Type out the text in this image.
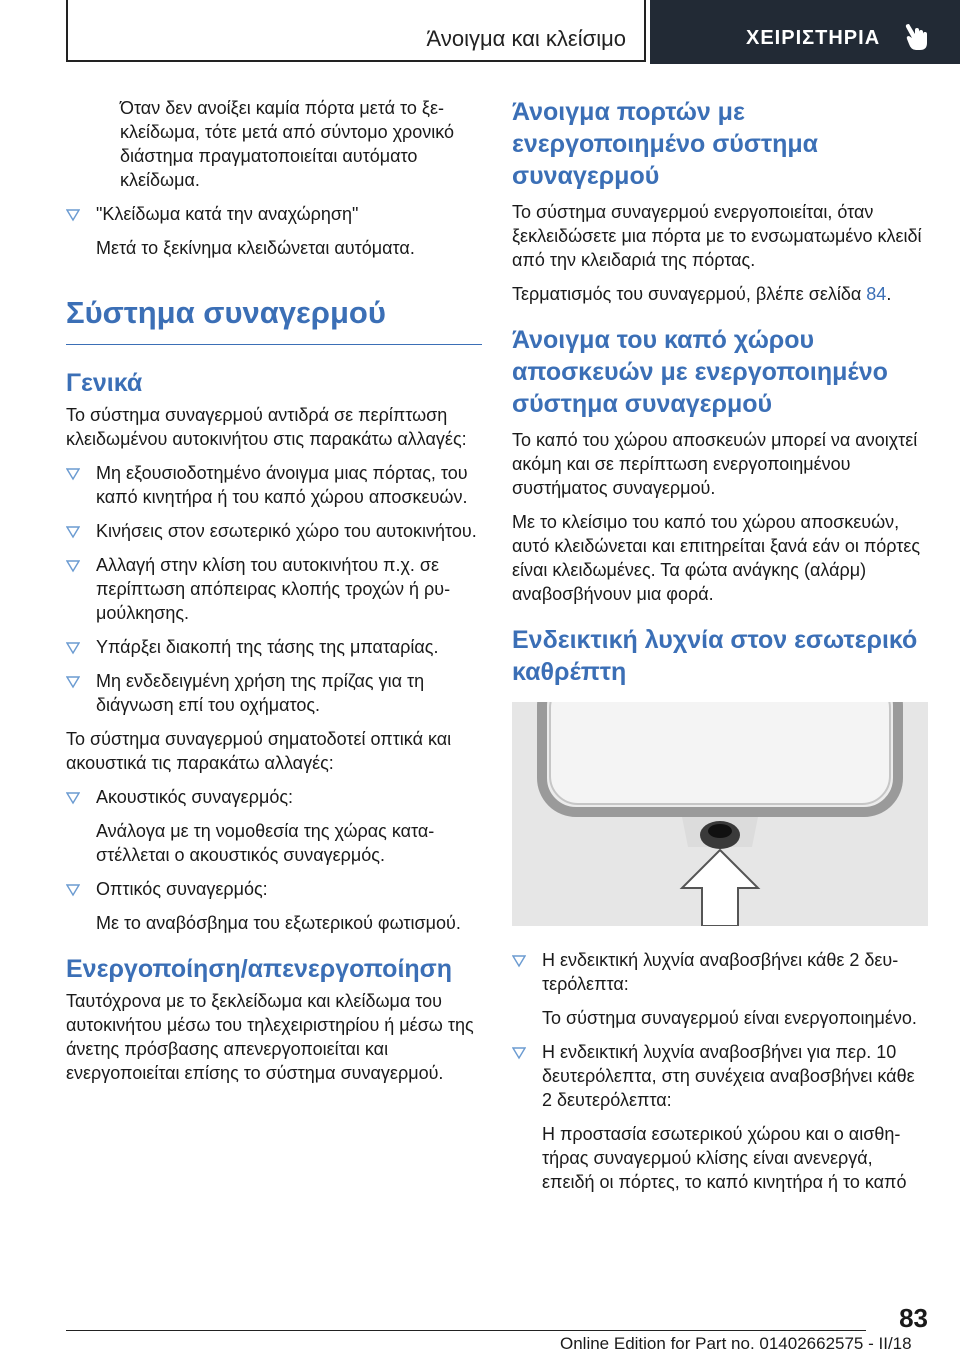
Άνοιγμα και κλείσιμο	ΧΕΙΡΙΣΤΗΡΙΑ

Όταν δεν ανοίξει καμία πόρτα μετά το ξεκλείδωμα, τότε μετά από σύντομο χρονικό διάστημα πραγματοποιείται αυτόματο κλείδωμα.

"Κλείδωμα κατά την αναχώρηση"

Μετά το ξεκίνημα κλειδώνεται αυτόματα.

Σύστημα συναγερμού
Γενικά

Το σύστημα συναγερμού αντιδρά σε περίπτωση κλειδωμένου αυτοκινήτου στις παρακάτω αλλαγές:

Μη εξουσιοδοτημένο άνοιγμα μιας πόρτας, του καπό κινητήρα ή του καπό χώρου αποσκευών.
Κινήσεις στον εσωτερικό χώρο του αυτοκινήτου.
Αλλαγή στην κλίση του αυτοκινήτου π.χ. σε περίπτωση απόπειρας κλοπής τροχών ή ρυμούλκησης.
Υπάρξει διακοπή της τάσης της μπαταρίας.
Μη ενδεδειγμένη χρήση της πρίζας για τη διάγνωση επί του οχήματος.

Το σύστημα συναγερμού σηματοδοτεί οπτικά και ακουστικά τις παρακάτω αλλαγές:

Ακουστικός συναγερμός:

Ανάλογα με τη νομοθεσία της χώρας καταστέλλεται ο ακουστικός συναγερμός.

Οπτικός συναγερμός:

Με το αναβόσβημα του εξωτερικού φωτισμού.

Ενεργοποίηση/απενεργοποίηση

Ταυτόχρονα με το ξεκλείδωμα και κλείδωμα του αυτοκινήτου μέσω του τηλεχειριστηρίου ή μέσω της άνετης πρόσβασης απενεργοποιείται και ενεργοποιείται επίσης το σύστημα συναγερμού.

Άνοιγμα πορτών με ενεργοποιημένο σύστημα συναγερμού

Το σύστημα συναγερμού ενεργοποιείται, όταν ξεκλειδώσετε μια πόρτα με το ενσωματωμένο κλειδί από την κλειδαριά της πόρτας.

Τερματισμός του συναγερμού, βλέπε σελίδα 84.

Άνοιγμα του καπό χώρου αποσκευών με ενεργοποιημένο σύστημα συναγερμού

Το καπό του χώρου αποσκευών μπορεί να ανοιχτεί ακόμη και σε περίπτωση ενεργοποιημένου συστήματος συναγερμού.

Με το κλείσιμο του καπό του χώρου αποσκευών, αυτό κλειδώνεται και επιτηρείται ξανά εάν οι πόρτες είναι κλειδωμένες. Τα φώτα ανάγκης (αλάρμ) αναβοσβήνουν μια φορά.

Ενδεικτική λυχνία στον εσωτερικό καθρέπτη
Η ενδεικτική λυχνία αναβοσβήνει κάθε 2 δευτερόλεπτα:

Το σύστημα συναγερμού είναι ενεργοποιημένο.

Η ενδεικτική λυχνία αναβοσβήνει για περ. 10 δευτερόλεπτα, στη συνέχεια αναβοσβήνει κάθε 2 δευτερόλεπτα:

Η προστασία εσωτερικού χώρου και ο αισθητήρας συναγερμού κλίσης είναι ανενεργά, επειδή οι πόρτες, το καπό κινητήρα ή το καπό

83
Online Edition for Part no. 01402662575 - II/18
